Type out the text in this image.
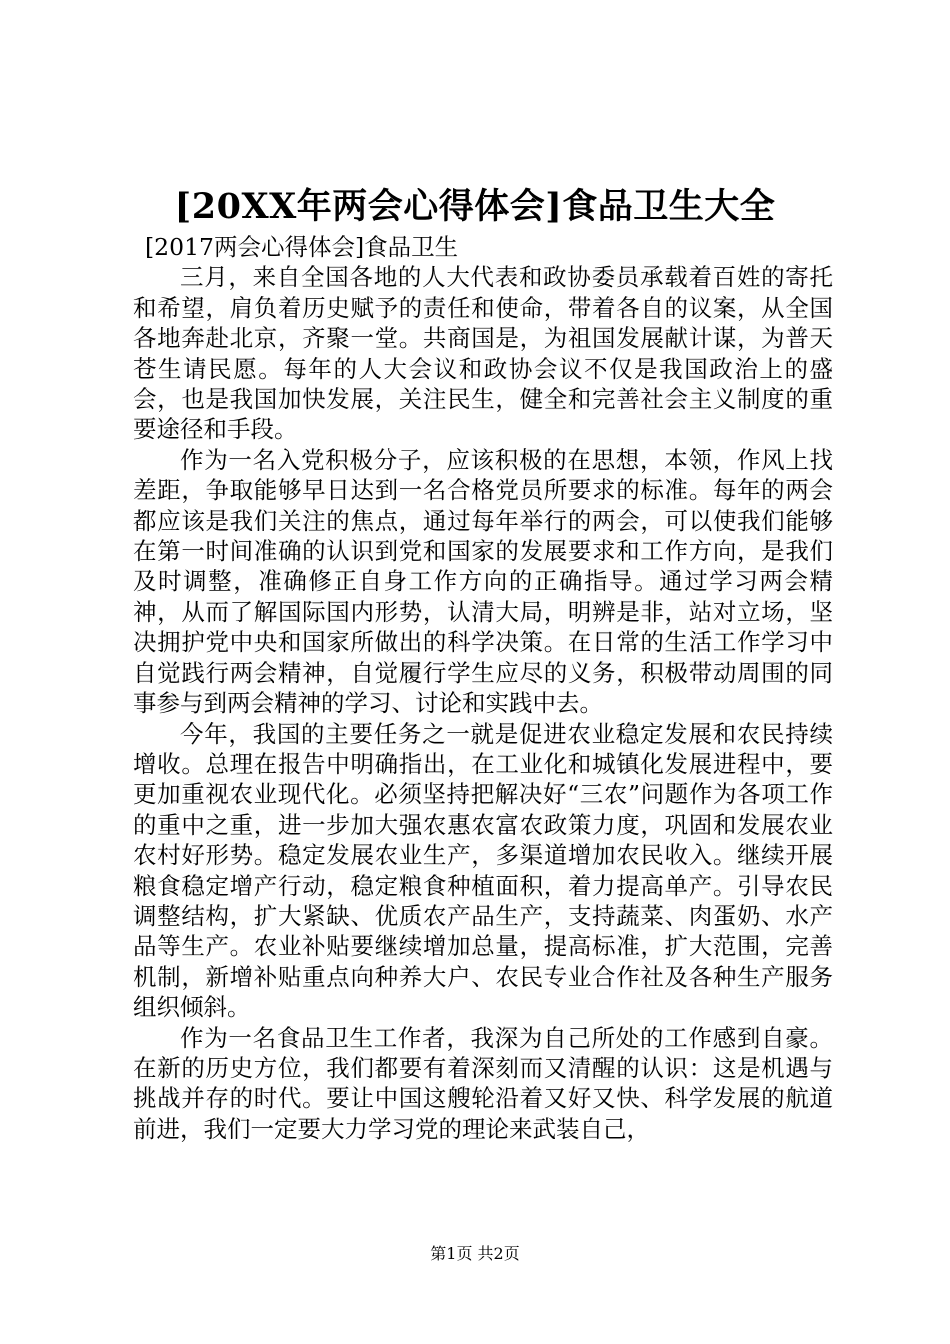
[20XX年两会心得体会]食品卫生大全

[2017两会心得体会]食品卫生

三月，来自全国各地的人大代表和政协委员承载着百姓的寄托和希望，肩负着历史赋予的责任和使命，带着各自的议案，从全国各地奔赴北京，齐聚一堂。共商国是，为祖国发展献计谋，为普天苍生请民愿。每年的人大会议和政协会议不仅是我国政治上的盛会，也是我国加快发展，关注民生，健全和完善社会主义制度的重要途径和手段。

作为一名入党积极分子，应该积极的在思想，本领，作风上找差距，争取能够早日达到一名合格党员所要求的标准。每年的两会都应该是我们关注的焦点，通过每年举行的两会，可以使我们能够在第一时间准确的认识到党和国家的发展要求和工作方向，是我们及时调整，准确修正自身工作方向的正确指导。通过学习两会精神，从而了解国际国内形势，认清大局，明辨是非，站对立场，坚决拥护党中央和国家所做出的科学决策。在日常的生活工作学习中自觉践行两会精神，自觉履行学生应尽的义务，积极带动周围的同事参与到两会精神的学习、讨论和实践中去。

今年，我国的主要任务之一就是促进农业稳定发展和农民持续增收。总理在报告中明确指出，在工业化和城镇化发展进程中，要更加重视农业现代化。必须坚持把解决好“三农”问题作为各项工作的重中之重，进一步加大强农惠农富农政策力度，巩固和发展农业农村好形势。稳定发展农业生产，多渠道增加农民收入。继续开展粮食稳定增产行动，稳定粮食种植面积，着力提高单产。引导农民调整结构，扩大紧缺、优质农产品生产，支持蔬菜、肉蛋奶、水产品等生产。农业补贴要继续增加总量，提高标准，扩大范围，完善机制，新增补贴重点向种养大户、农民专业合作社及各种生产服务组织倾斜。

作为一名食品卫生工作者，我深为自己所处的工作感到自豪。在新的历史方位，我们都要有着深刻而又清醒的认识：这是机遇与挑战并存的时代。要让中国这艘轮沿着又好又快、科学发展的航道前进，我们一定要大力学习党的理论来武装自己，

第1页 共2页
